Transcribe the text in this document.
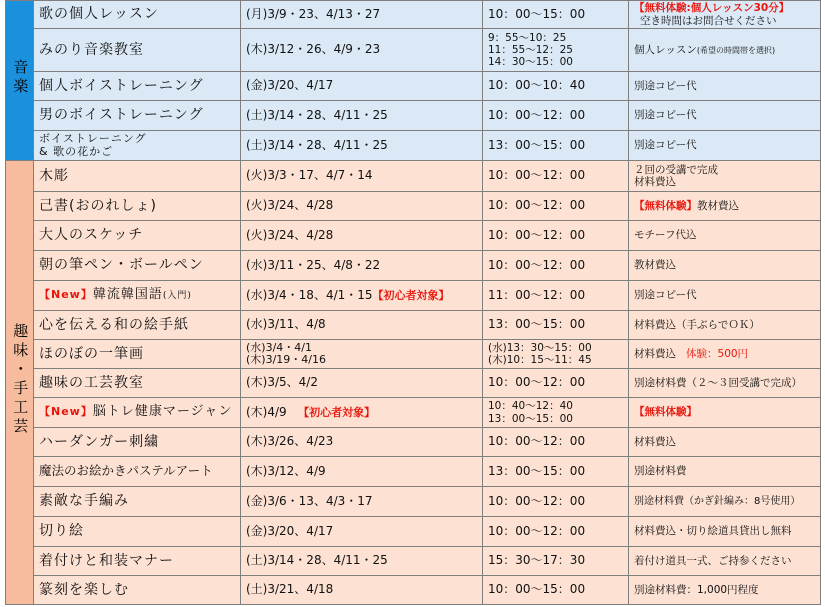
音楽	歌の個人レッスン	(月)3/9・23、4/13・27	10：00～15：00	【無料体験:個人レッスン30分】
空き時間はお問合せください

	みのり音楽教室	(木)3/12・26、4/9・23	9：55～10：25
11：55～12：25
14：30～15：00	個人レッスン(希望の時間帯を選択)
	個人ボイストレーニング	(金)3/20、4/17	10：00～10：40	別途コピー代
	男のボイストレーニング	(土)3/14・28、4/11・25	10：00～12：00	別途コピー代

	ボイストレーニング
& 歌の花かご	(土)3/14・28、4/11・25	13：00～15：00	別途コピー代
趣味・手工芸	木彫	(火)3/3・17、4/7・14	10：00～12：00	２回の受講で完成
材料費込

	己書(おのれしょ)	(火)3/24、4/28	10：00～12：00	【無料体験】教材費込
	大人のスケッチ	(火)3/24、4/28	10：00～12：00	モチーフ代込
	朝の筆ペン・ボールペン	(水)3/11・25、4/8・22	10：00～12：00	教材費込
	【New】韓流韓国語(入門)	(水)3/4・18、4/1・15【初心者対象】	11：00～12：00	別途コピー代
	心を伝える和の絵手紙	(水)3/11、4/8	13：00～15：00	材料費込（手ぶらでＯＫ）
	ほのぼの一筆画	(水)3/4・4/1
(木)3/19・4/16	(水)13：30～15：00
(木)10：15～11：45	材料費込 体験：500円
	趣味の工芸教室	(木)3/5、4/2	10：00～12：00	別途材料費（２～３回受講で完成）
	【New】脳トレ健康マージャン	(木)4/9 【初心者対象】	10：40～12：40
13：00～15：00	【無料体験】
	ハーダンガー刺繍	(木)3/26、4/23	10：00～12：00	材料費込
	魔法のお絵かきパステルアート	(木)3/12、4/9	13：00～15：00	別途材料費
	素敵な手編み	(金)3/6・13、4/3・17	10：00～12：00	別途材料費（かぎ針編み：8号使用）
	切り絵	(金)3/20、4/17	10：00～12：00	材料費込・切り絵道具貸出し無料
	着付けと和装マナー	(土)3/14・28、4/11・25	15：30～17：30	着付け道具一式、ご持参ください
	篆刻を楽しむ	(土)3/21、4/18	10：00～15：00	別途材料費：1,000円程度
